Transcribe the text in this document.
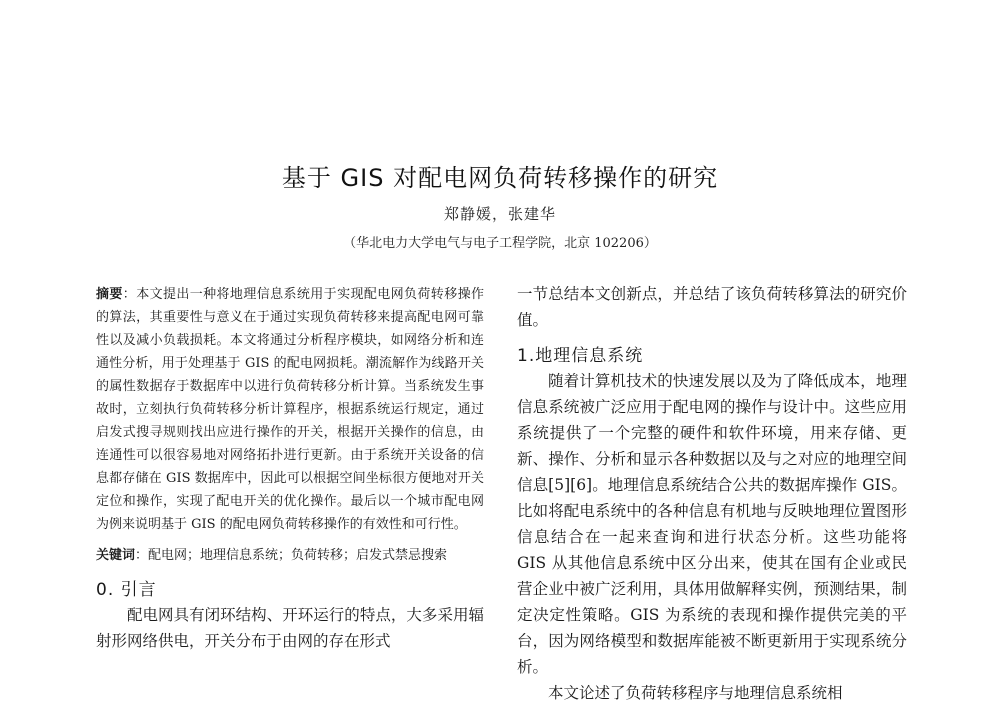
基于 GIS 对配电网负荷转移操作的研究
郑静媛，张建华
（华北电力大学电气与电子工程学院，北京 102206）

摘要：本文提出一种将地理信息系统用于实现配电网负荷转移操作的算法，其重要性与意义在于通过实现负荷转移来提高配电网可靠性以及减小负载损耗。本文将通过分析程序模块，如网络分析和连通性分析，用于处理基于 GIS 的配电网损耗。潮流解作为线路开关的属性数据存于数据库中以进行负荷转移分析计算。当系统发生事故时，立刻执行负荷转移分析计算程序，根据系统运行规定，通过启发式搜寻规则找出应进行操作的开关，根据开关操作的信息，由连通性可以很容易地对网络拓扑进行更新。由于系统开关设备的信息都存储在 GIS 数据库中，因此可以根据空间坐标很方便地对开关定位和操作，实现了配电开关的优化操作。最后以一个城市配电网为例来说明基于 GIS 的配电网负荷转移操作的有效性和可行性。

关键词：配电网；地理信息系统；负荷转移；启发式禁忌搜索

0. 引言

配电网具有闭环结构、开环运行的特点，大多采用辐射形网络供电，开关分布于由网的存在形式

一节总结本文创新点，并总结了该负荷转移算法的研究价值。

1.地理信息系统

随着计算机技术的快速发展以及为了降低成本，地理信息系统被广泛应用于配电网的操作与设计中。这些应用系统提供了一个完整的硬件和软件环境，用来存储、更新、操作、分析和显示各种数据以及与之对应的地理空间信息[5][6]。地理信息系统结合公共的数据库操作 GIS。比如将配电系统中的各种信息有机地与反映地理位置图形信息结合在一起来查询和进行状态分析。这些功能将 GIS 从其他信息系统中区分出来，使其在国有企业或民营企业中被广泛利用，具体用做解释实例，预测结果，制定决定性策略。GIS 为系统的表现和操作提供完美的平台，因为网络模型和数据库能被不断更新用于实现系统分析。

本文论述了负荷转移程序与地理信息系统相
